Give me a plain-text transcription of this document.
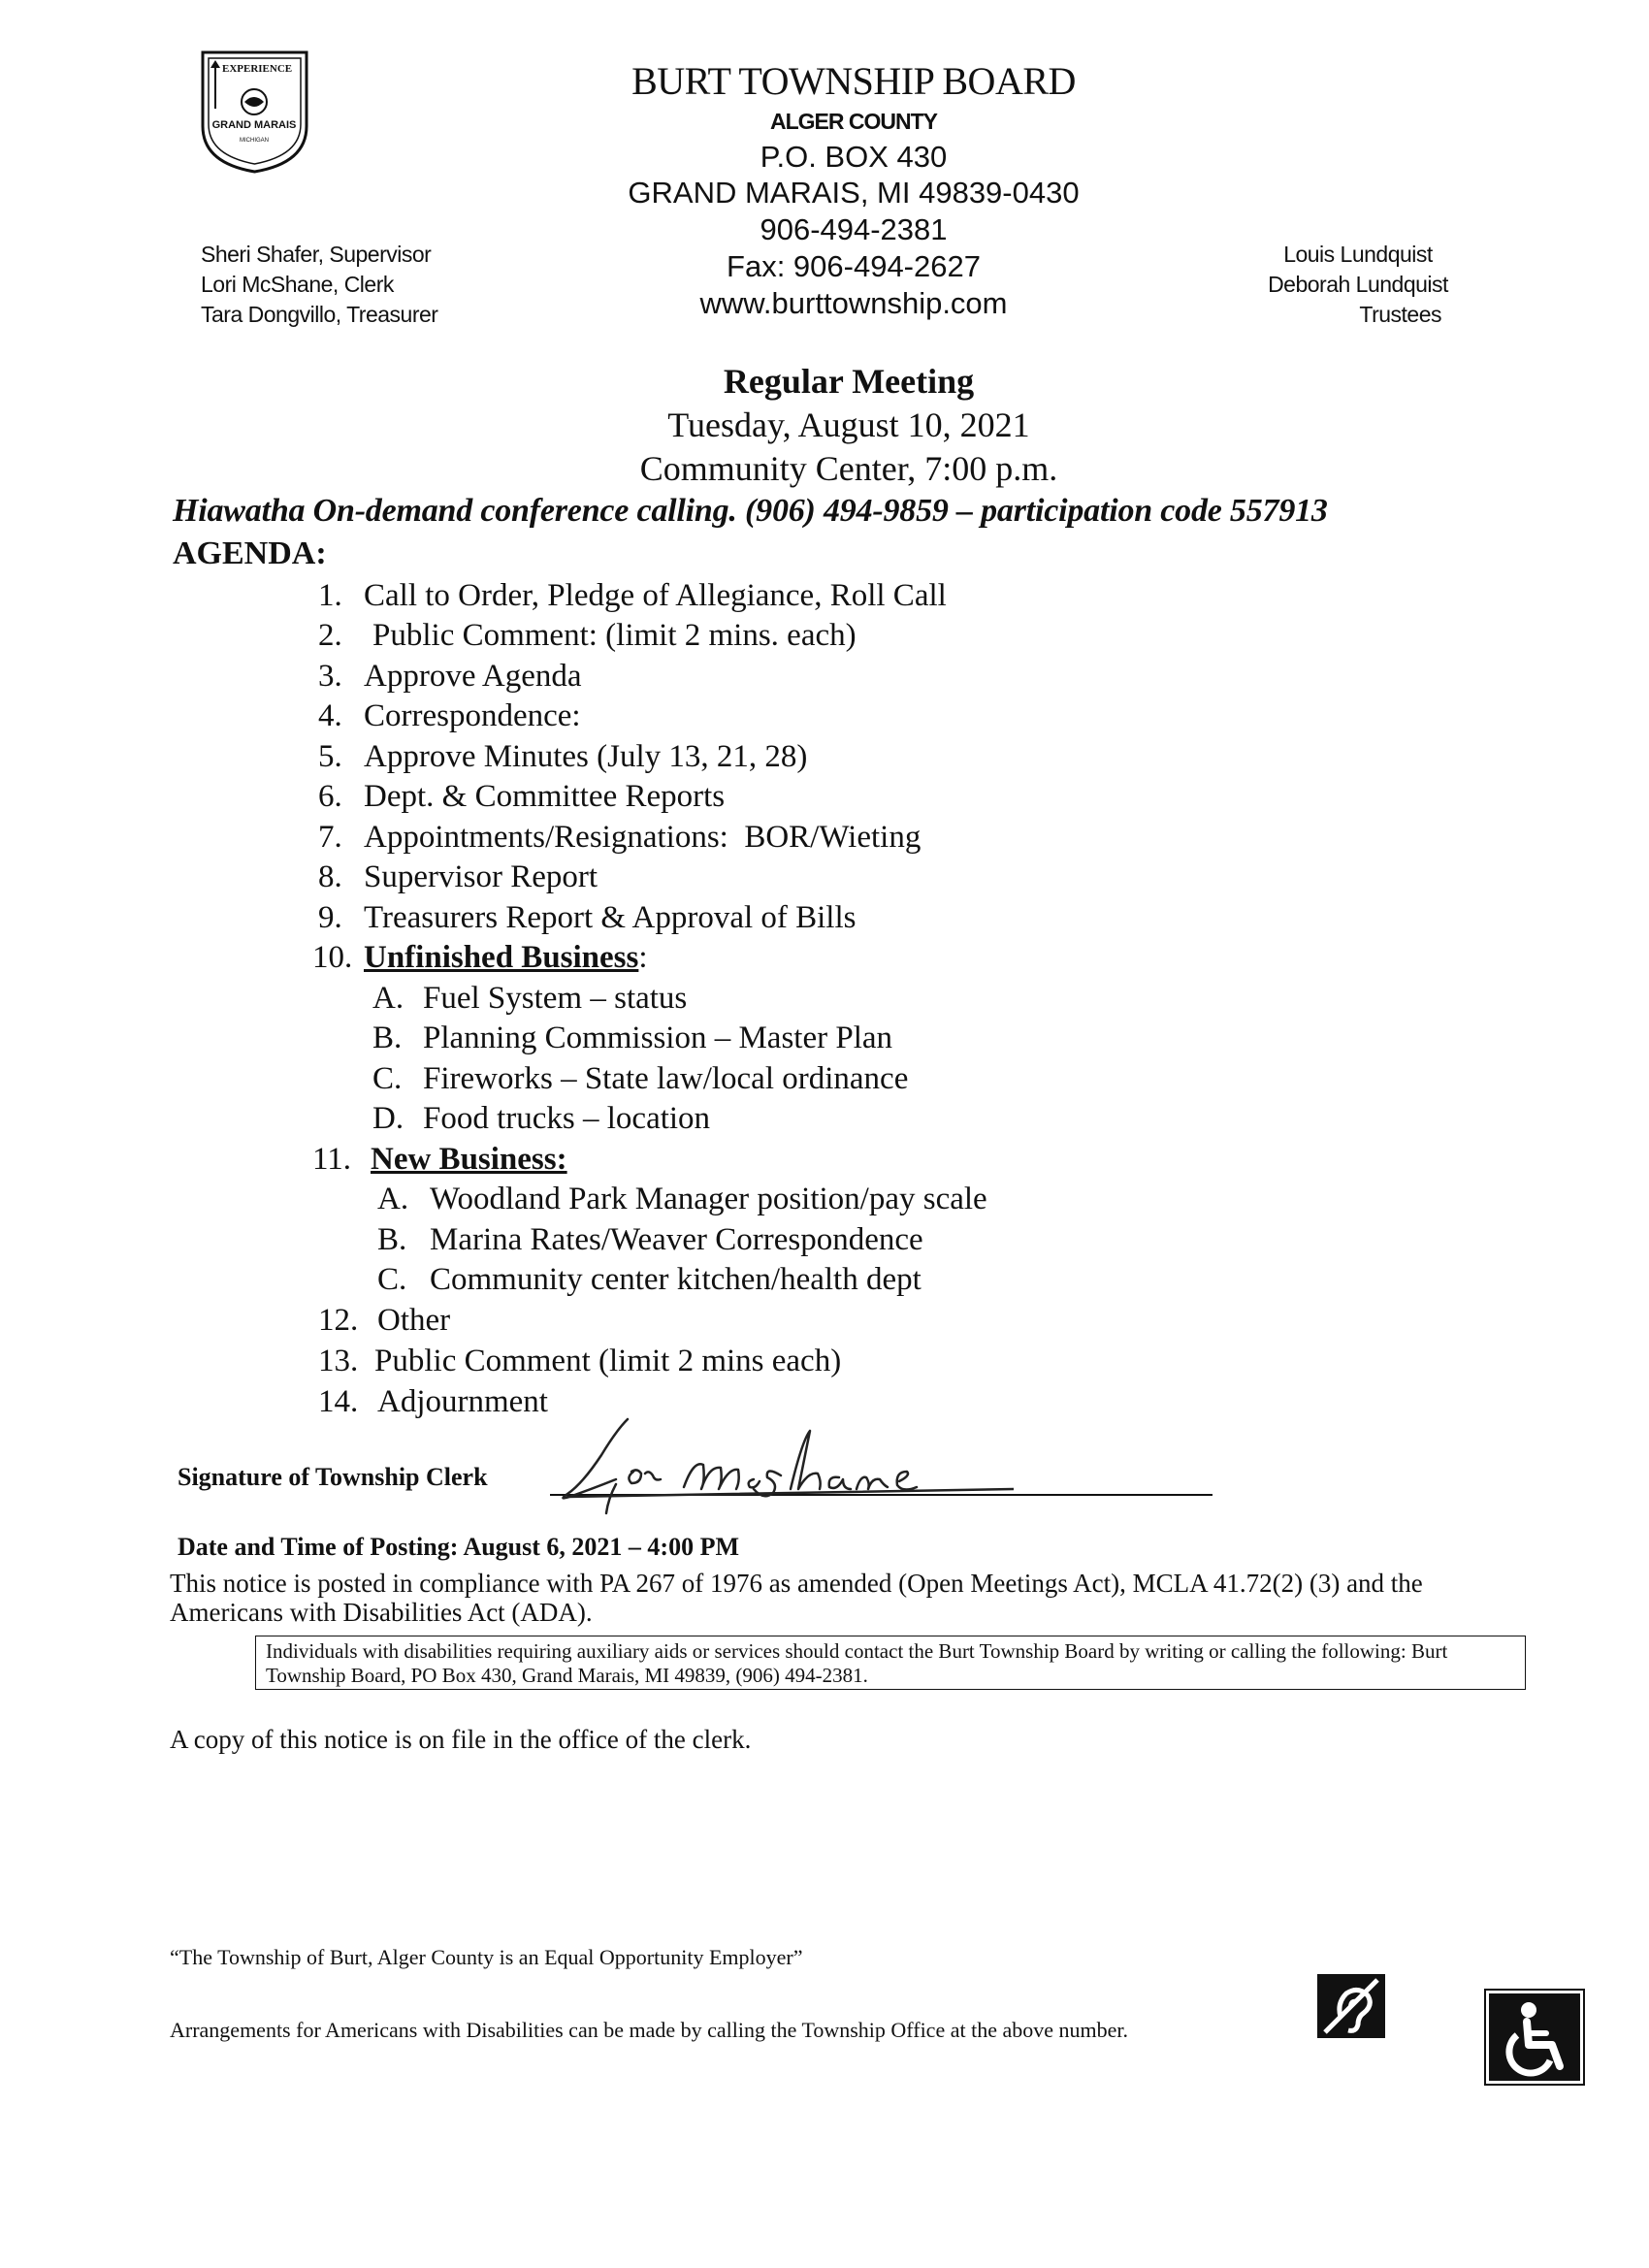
EXPERIENCE
GRAND MARAIS
MICHIGAN
BURT TOWNSHIP BOARD
ALGER COUNTY
P.O. BOX 430
GRAND MARAIS, MI 49839-0430
906-494-2381
Fax: 906-494-2627
www.burttownship.com
Sheri Shafer, Supervisor
Lori McShane, Clerk
Tara Dongvillo, Treasurer
Louis Lundquist
Deborah Lundquist
Trustees
Regular Meeting
Tuesday, August 10, 2021
Community Center, 7:00 p.m.
Hiawatha On-demand conference calling. (906) 494-9859 – participation code 557913
AGENDA:
1. Call to Order, Pledge of Allegiance, Roll Call
2. Public Comment: (limit 2 mins. each)
3. Approve Agenda
4. Correspondence:
5. Approve Minutes (July 13, 21, 28)
6. Dept. & Committee Reports
7. Appointments/Resignations:  BOR/Wieting
8. Supervisor Report
9. Treasurers Report & Approval of Bills
10. Unfinished Business:
A. Fuel System – status
B. Planning Commission – Master Plan
C. Fireworks – State law/local ordinance
D. Food trucks – location
11. New Business:
A. Woodland Park Manager position/pay scale
B. Marina Rates/Weaver Correspondence
C. Community center kitchen/health dept
12. Other
13. Public Comment (limit 2 mins each)
14. Adjournment
Signature of Township Clerk
Date and Time of Posting: August 6, 2021 – 4:00 PM
This notice is posted in compliance with PA 267 of 1976 as amended (Open Meetings Act), MCLA 41.72(2) (3) and the Americans with Disabilities Act (ADA).
Individuals with disabilities requiring auxiliary aids or services should contact the Burt Township Board by writing or calling the following: Burt Township Board, PO Box 430, Grand Marais, MI 49839, (906) 494-2381.
A copy of this notice is on file in the office of the clerk.
“The Township of Burt, Alger County is an Equal Opportunity Employer”
Arrangements for Americans with Disabilities can be made by calling the Township Office at the above number.
